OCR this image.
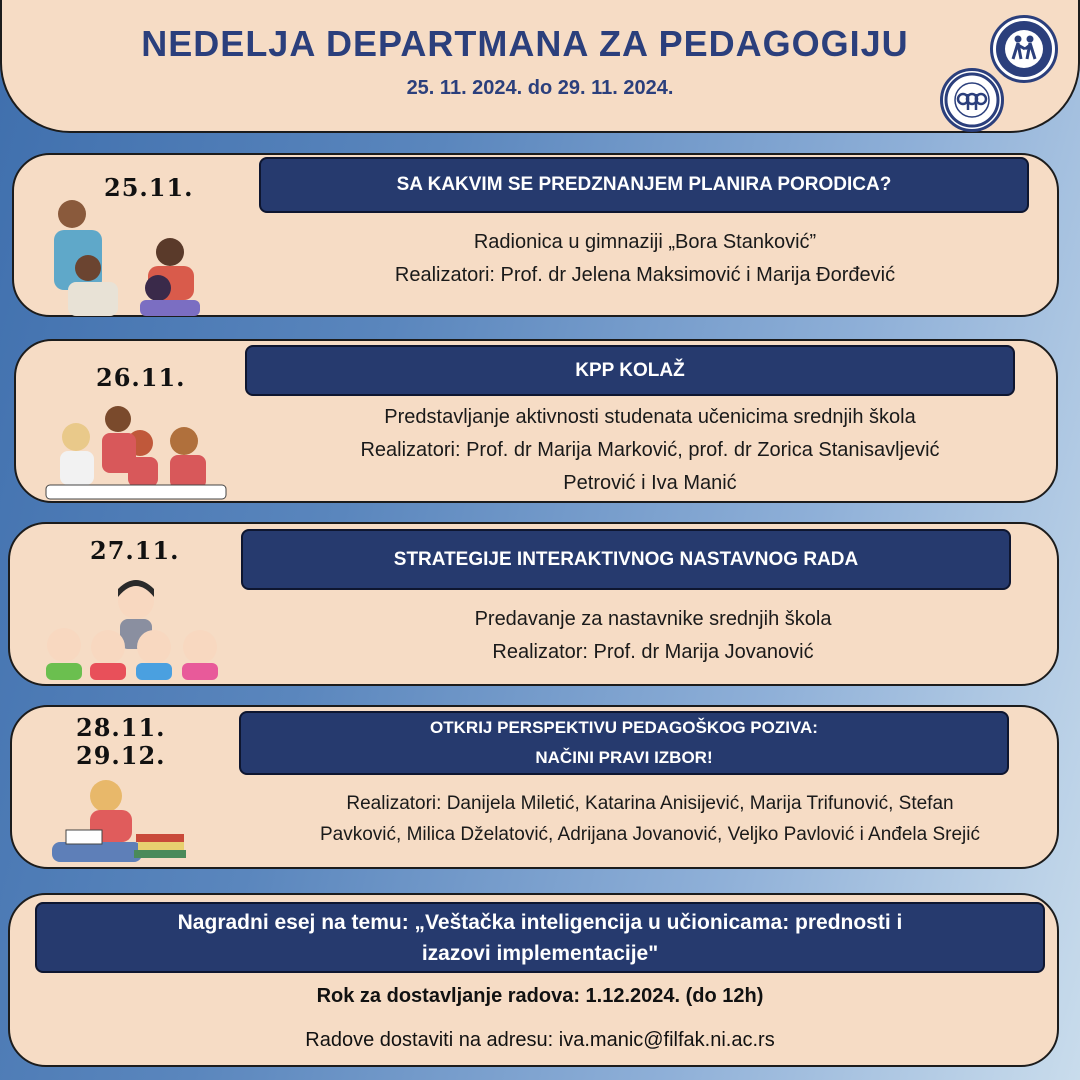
NEDELJA DEPARTMANA ZA PEDAGOGIJU
25. 11. 2024. do 29. 11. 2024.
25.11.	SA KAKVIM SE PREDZNANJEM PLANIRA PORODICA?
Radionica u gimnaziji „Bora Stanković”
Realizatori: Prof. dr Jelena Maksimović i Marija Đorđević
26.11.	KPP KOLAŽ
Predstavljanje aktivnosti studenata učenicima srednjih škola
Realizatori: Prof. dr Marija Marković, prof. dr Zorica Stanisavljević
Petrović i Iva Manić
27.11.	STRATEGIJE INTERAKTIVNOG NASTAVNOG RADA
Predavanje za nastavnike srednjih škola
Realizator: Prof. dr Marija Jovanović
28.11.
29.12.
OTKRIJ PERSPEKTIVU PEDAGOŠKOG POZIVA:
NAČINI PRAVI IZBOR!
Realizatori: Danijela Miletić, Katarina Anisijević, Marija Trifunović, Stefan
Pavković, Milica Dželatović, Adrijana Jovanović, Veljko Pavlović i Anđela Srejić
Nagradni esej na temu: „Veštačka inteligencija u učionicama: prednosti i
izazovi implementacije"
Rok za dostavljanje radova: 1.12.2024. (do 12h)
Radove dostaviti na adresu: iva.manic@filfak.ni.ac.rs
